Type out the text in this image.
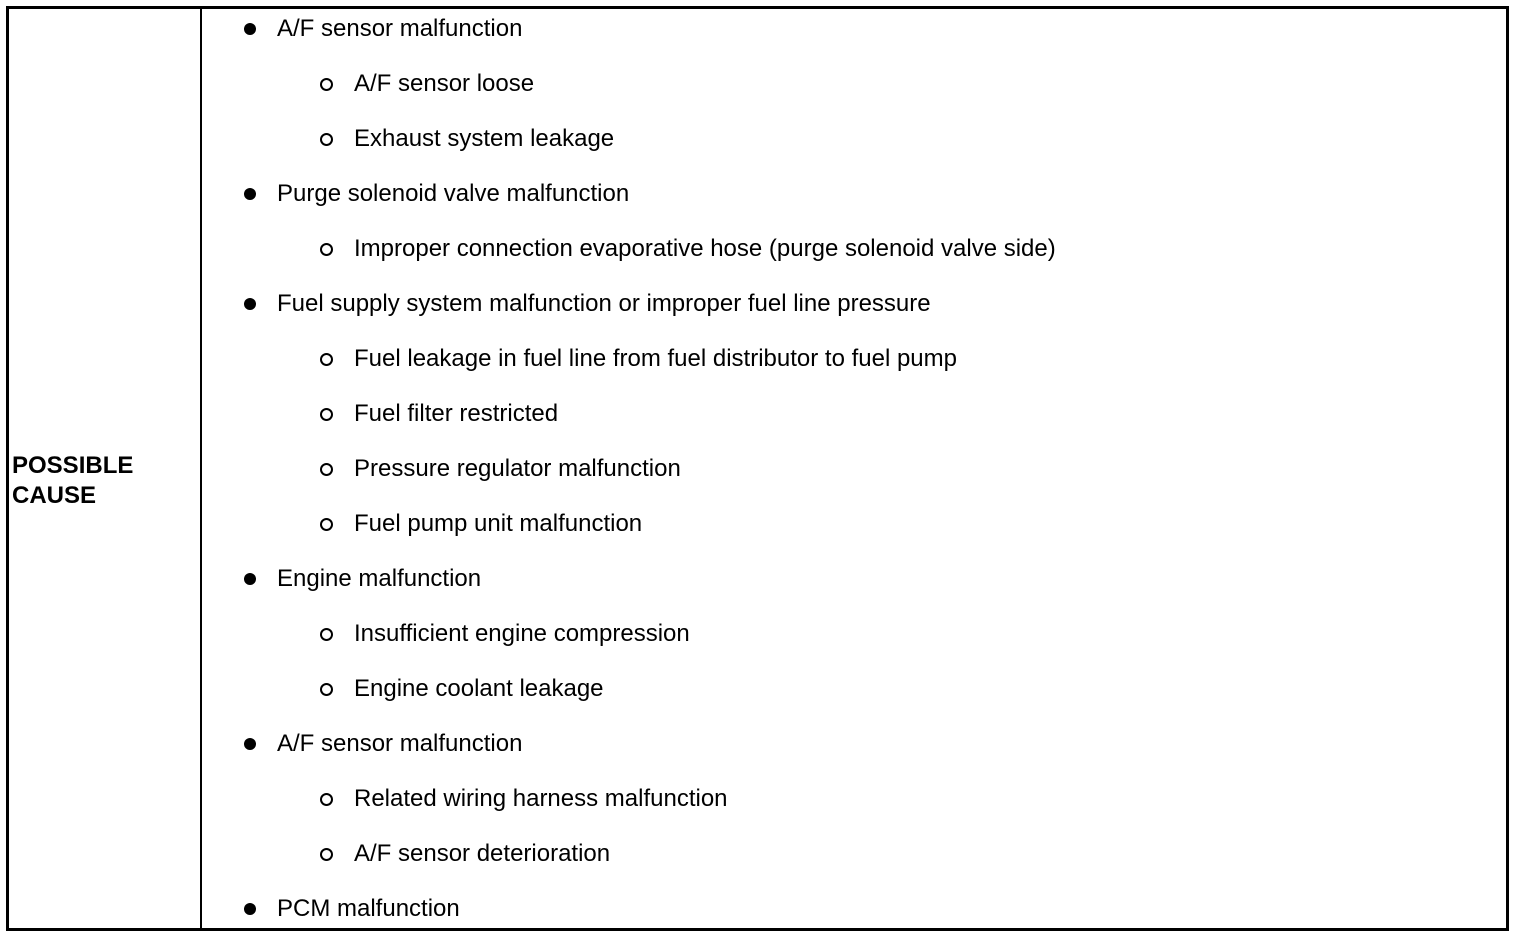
POSSIBLE
CAUSE
A/F sensor malfunction
A/F sensor loose
Exhaust system leakage
Purge solenoid valve malfunction
Improper connection evaporative hose (purge solenoid valve side)
Fuel supply system malfunction or improper fuel line pressure
Fuel leakage in fuel line from fuel distributor to fuel pump
Fuel filter restricted
Pressure regulator malfunction
Fuel pump unit malfunction
Engine malfunction
Insufficient engine compression
Engine coolant leakage
A/F sensor malfunction
Related wiring harness malfunction
A/F sensor deterioration
PCM malfunction
